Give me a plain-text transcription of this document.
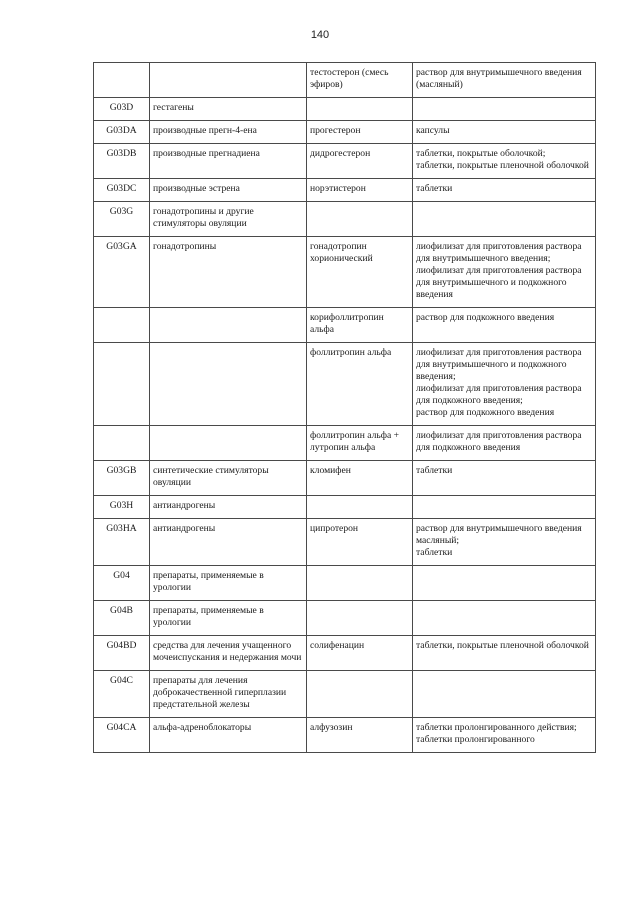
140
		тестостерон (смесь эфиров)	раствор для внутримышечного введения (масляный)

G03D	гестагены		
G03DA	производные прегн-4-ена	прогестерон	капсулы

G03DB	производные прегнадиена	дидрогестерон	таблетки, покрытые оболочкой;
таблетки, покрытые пленочной оболочкой

G03DC	производные эстрена	норэтистерон	таблетки

G03G	гонадотропины и другие стимуляторы овуляции		
G03GA	гонадотропины	гонадотропин хорионический	лиофилизат для приготовления раствора для внутримышечного введения;
лиофилизат для приготовления раствора для внутримышечного и подкожного введения

		корифоллитропин альфа	раствор для подкожного введения

		фоллитропин альфа	лиофилизат для приготовления раствора для внутримышечного и подкожного введения;
лиофилизат для приготовления раствора для подкожного введения;
раствор для подкожного введения

		фоллитропин альфа + лутропин альфа	лиофилизат для приготовления раствора для подкожного введения

G03GB	синтетические стимуляторы овуляции	кломифен	таблетки

G03H	антиандрогены		
G03HA	антиандрогены	ципротерон	раствор для внутримышечного введения масляный;
таблетки

G04	препараты, применяемые в урологии		
G04B	препараты, применяемые в урологии		
G04BD	средства для лечения учащенного мочеиспускания и недержания мочи	солифенацин	таблетки, покрытые пленочной оболочкой

G04C	препараты для лечения доброкачественной гиперплазии предстательной железы		
G04CA	альфа-адреноблокаторы	алфузозин	таблетки пролонгированного действия;
таблетки пролонгированного
